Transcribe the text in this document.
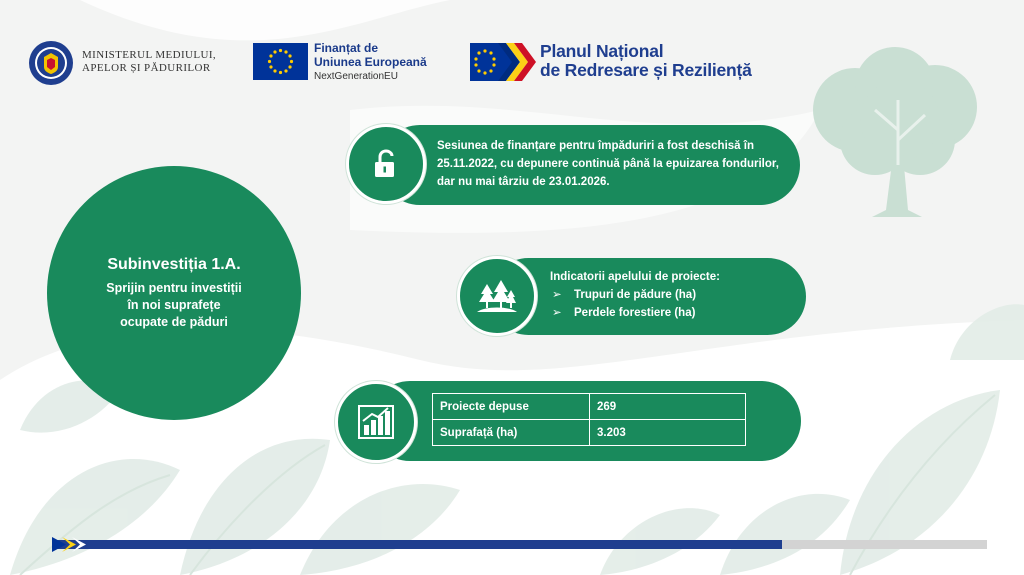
MINISTERUL MEDIULUI,
APELOR ȘI PĂDURILOR
Finanțat de
Uniunea Europeană
NextGenerationEU
Planul Național
de Redresare și Reziliență
Subinvestiția 1.A.
Sprijin pentru investiții
în noi suprafețe
ocupate de păduri
Sesiunea de finanțare pentru împăduriri a fost deschisă în 25.11.2022, cu depunere continuă până la epuizarea fondurilor, dar nu mai târziu de 23.01.2026.
Indicatorii apelului de proiecte:
➢ Trupuri de pădure (ha)
➢ Perdele forestiere (ha)
Proiecte depuse	269
Suprafață (ha)	3.203
